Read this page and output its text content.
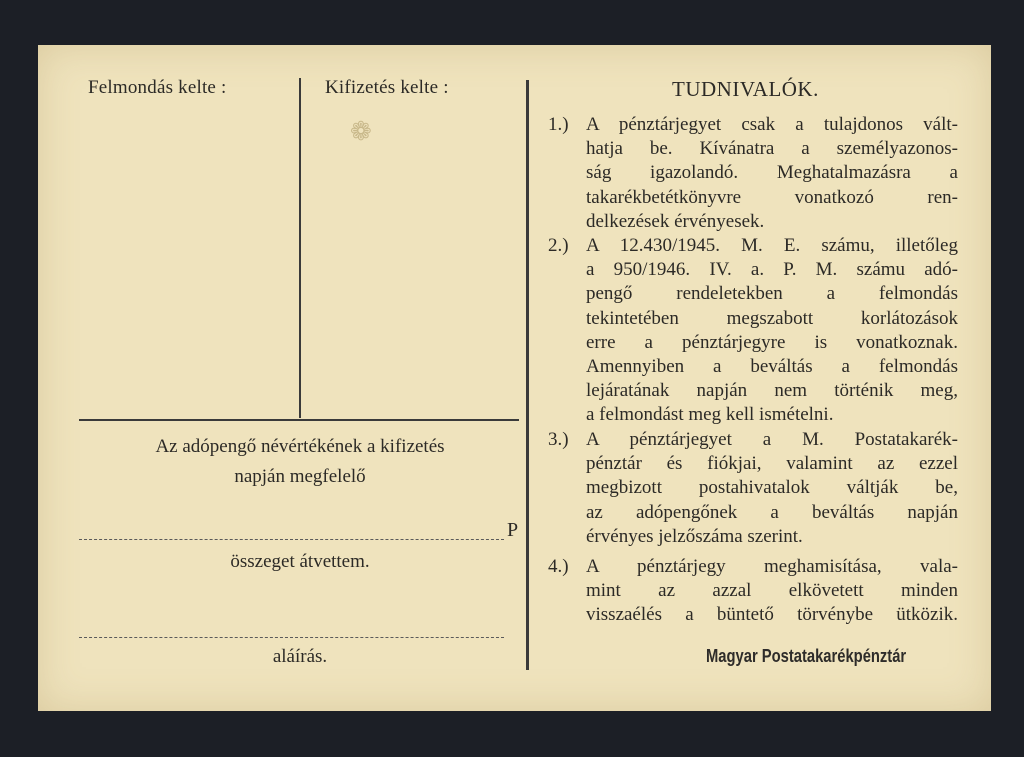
Felmondás kelte :	Kifizetés kelte :
❁
Az adópengő névértékének a kifizetés
napján megfelelő
P
összeget átvettem.
aláírás.
TUDNIVALÓK.
1.) A pénztárjegyet csak a tulajdonos vált-
hatja be. Kívánatra a személyazonos-
ság igazolandó. Meghatalmazásra a
takarékbetétkönyvre vonatkozó ren-
delkezések érvényesek.
2.) A 12.430/1945. M. E. számu, illetőleg
a 950/1946. IV. a. P. M. számu adó-
pengő rendeletekben a felmondás
tekintetében megszabott korlátozások
erre a pénztárjegyre is vonatkoznak.
Amennyiben a beváltás a felmondás
lejáratának napján nem történik meg,
a felmondást meg kell ismételni.
3.) A pénztárjegyet a M. Postatakarék-
pénztár és fiókjai, valamint az ezzel
megbizott postahivatalok váltják be,
az adópengőnek a beváltás napján
érvényes jelzőszáma szerint.
4.) A pénztárjegy meghamisítása, vala-
mint az azzal elkövetett minden
visszaélés a büntető törvénybe ütközik.
Magyar Postatakarékpénztár
